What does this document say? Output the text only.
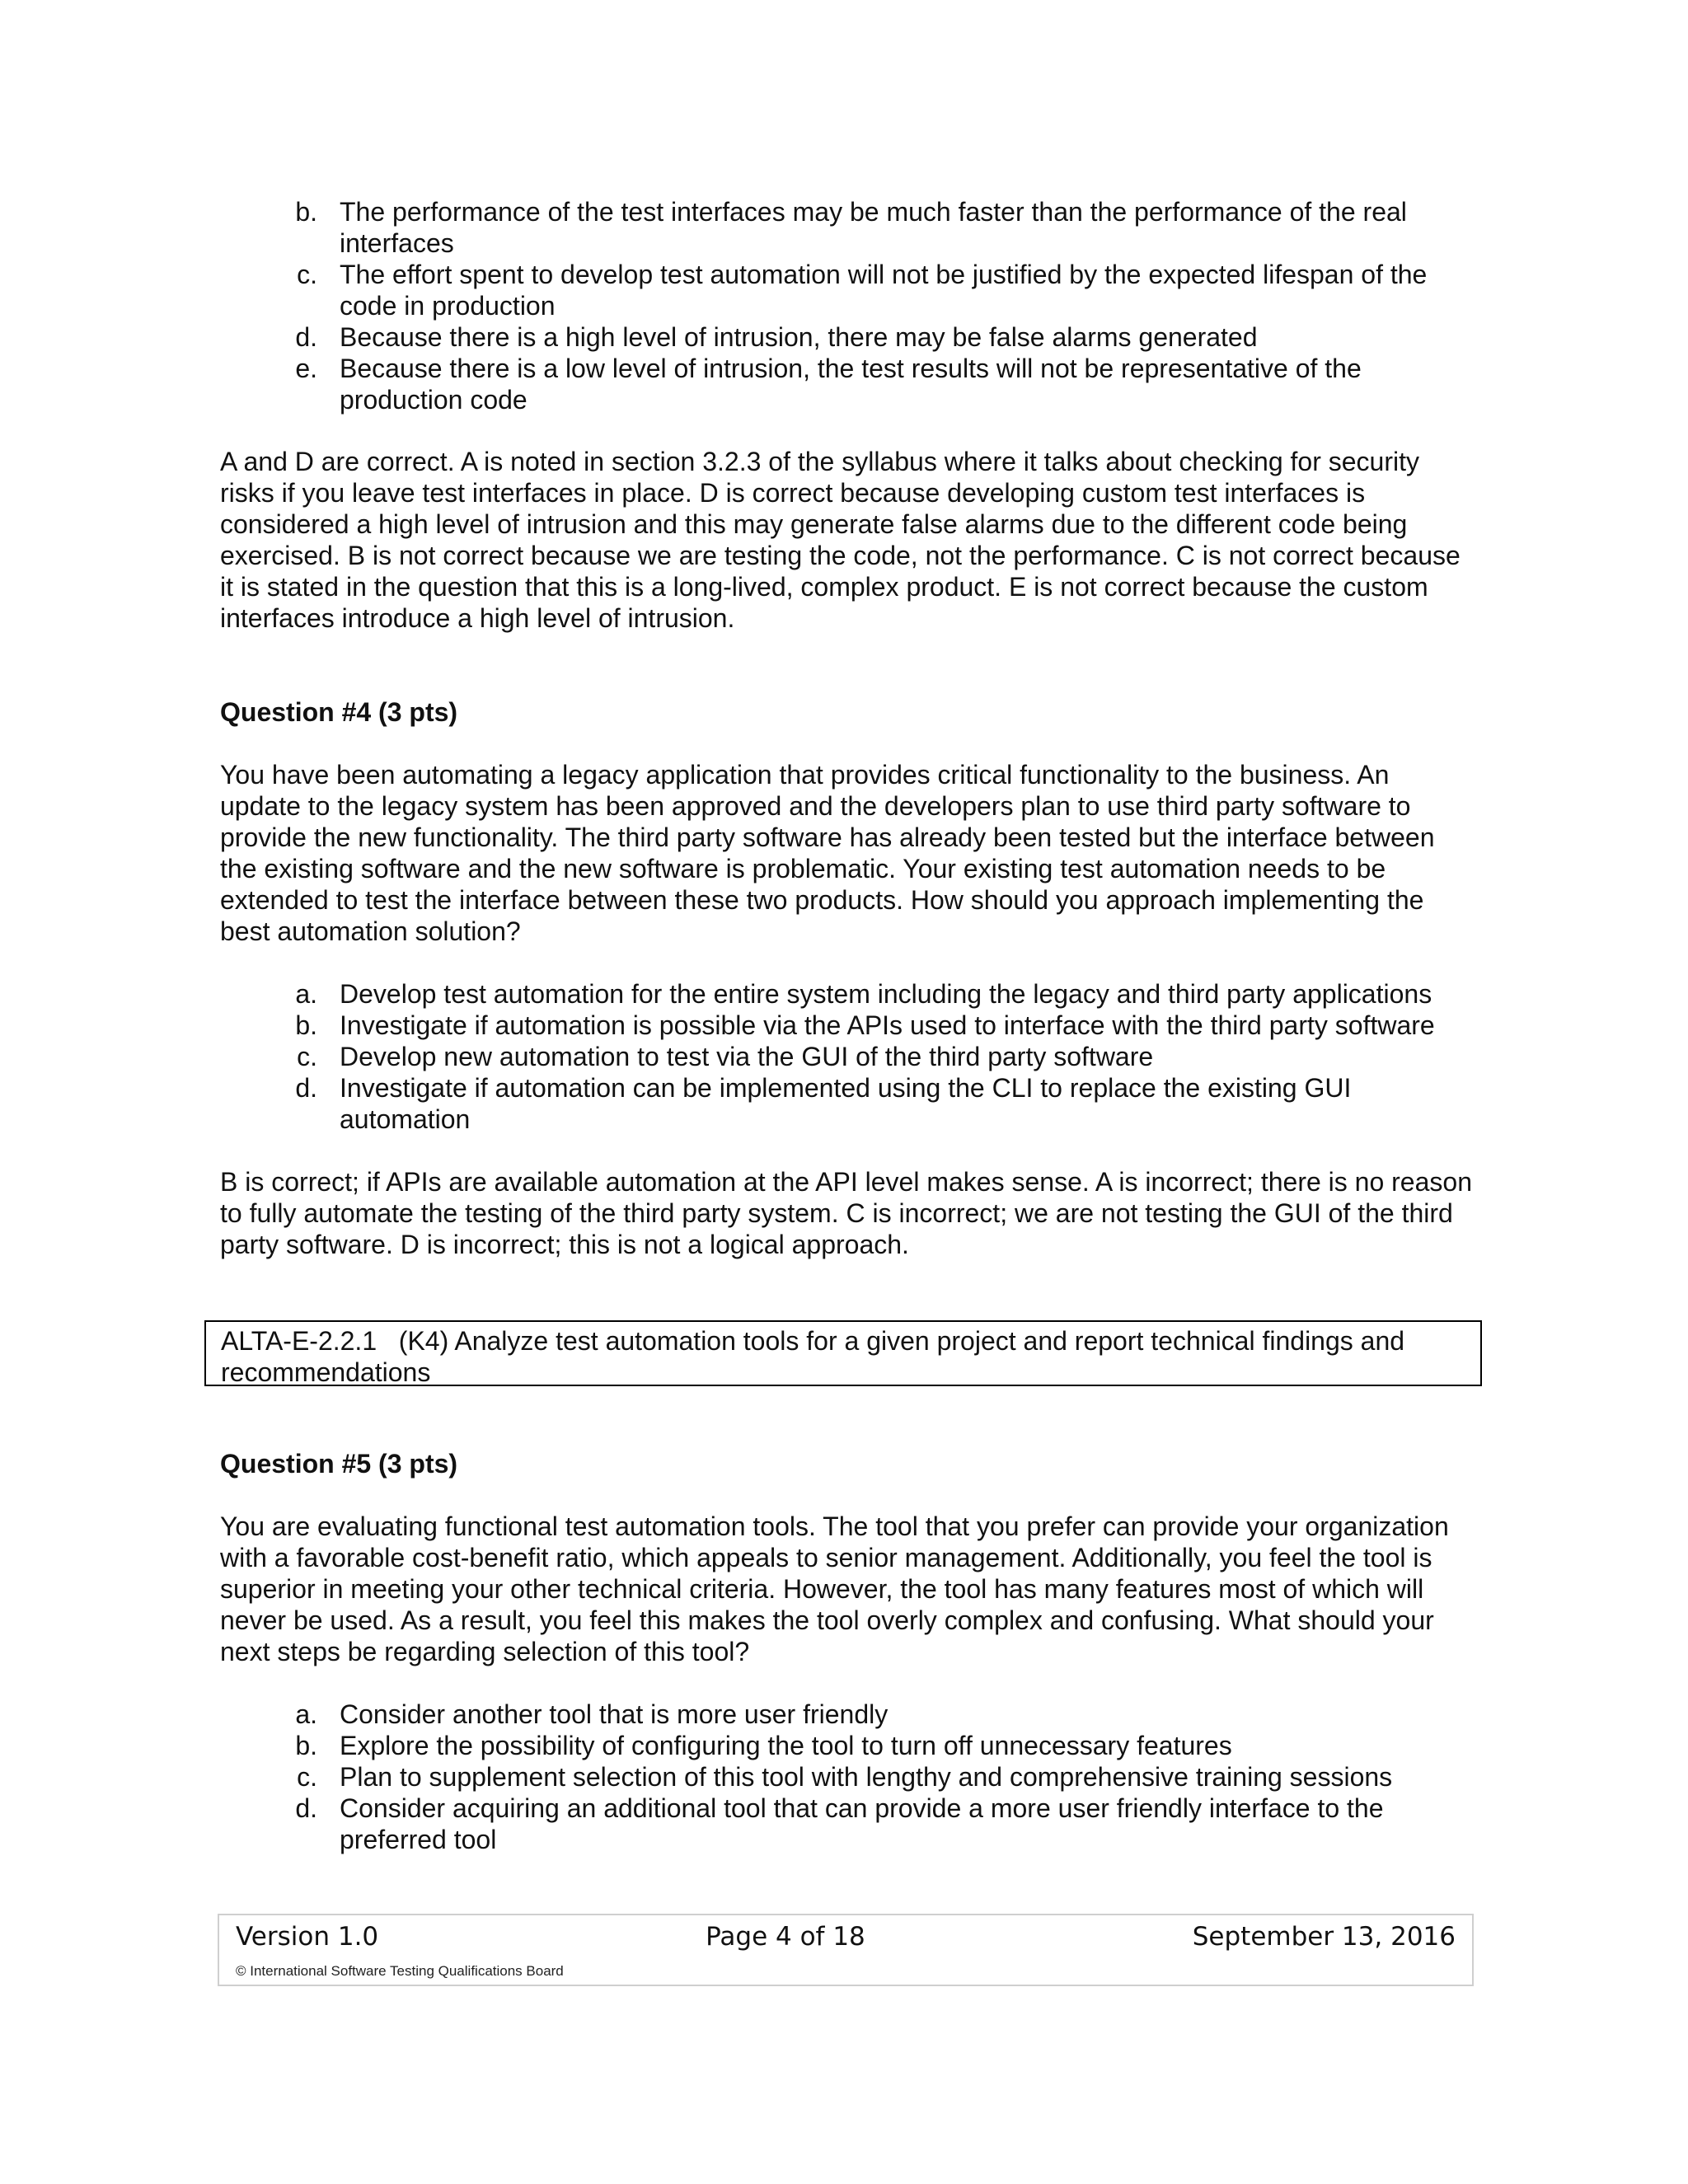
b. The performance of the test interfaces may be much faster than the performance of the real interfaces
c. The effort spent to develop test automation will not be justified by the expected lifespan of the code in production
d. Because there is a high level of intrusion, there may be false alarms generated
e. Because there is a low level of intrusion, the test results will not be representative of the production code

A and D are correct. A is noted in section 3.2.3 of the syllabus where it talks about checking for security risks if you leave test interfaces in place. D is correct because developing custom test interfaces is considered a high level of intrusion and this may generate false alarms due to the different code being exercised. B is not correct because we are testing the code, not the performance. C is not correct because it is stated in the question that this is a long-lived, complex product. E is not correct because the custom interfaces introduce a high level of intrusion.

Question #4 (3 pts)

You have been automating a legacy application that provides critical functionality to the business. An update to the legacy system has been approved and the developers plan to use third party software to provide the new functionality. The third party software has already been tested but the interface between the existing software and the new software is problematic. Your existing test automation needs to be extended to test the interface between these two products. How should you approach implementing the best automation solution?

a. Develop test automation for the entire system including the legacy and third party applications
b. Investigate if automation is possible via the APIs used to interface with the third party software
c. Develop new automation to test via the GUI of the third party software
d. Investigate if automation can be implemented using the CLI to replace the existing GUI automation

B is correct; if APIs are available automation at the API level makes sense. A is incorrect; there is no reason to fully automate the testing of the third party system. C is incorrect; we are not testing the GUI of the third party software. D is incorrect; this is not a logical approach.

ALTA-E-2.2.1 (K4) Analyze test automation tools for a given project and report technical findings and recommendations

Question #5 (3 pts)

You are evaluating functional test automation tools. The tool that you prefer can provide your organization with a favorable cost-benefit ratio, which appeals to senior management. Additionally, you feel the tool is superior in meeting your other technical criteria. However, the tool has many features most of which will never be used. As a result, you feel this makes the tool overly complex and confusing. What should your next steps be regarding selection of this tool?

a. Consider another tool that is more user friendly
b. Explore the possibility of configuring the tool to turn off unnecessary features
c. Plan to supplement selection of this tool with lengthy and comprehensive training sessions
d. Consider acquiring an additional tool that can provide a more user friendly interface to the preferred tool
Version 1.0	Page 4 of 18	September 13, 2016
© International Software Testing Qualifications Board
